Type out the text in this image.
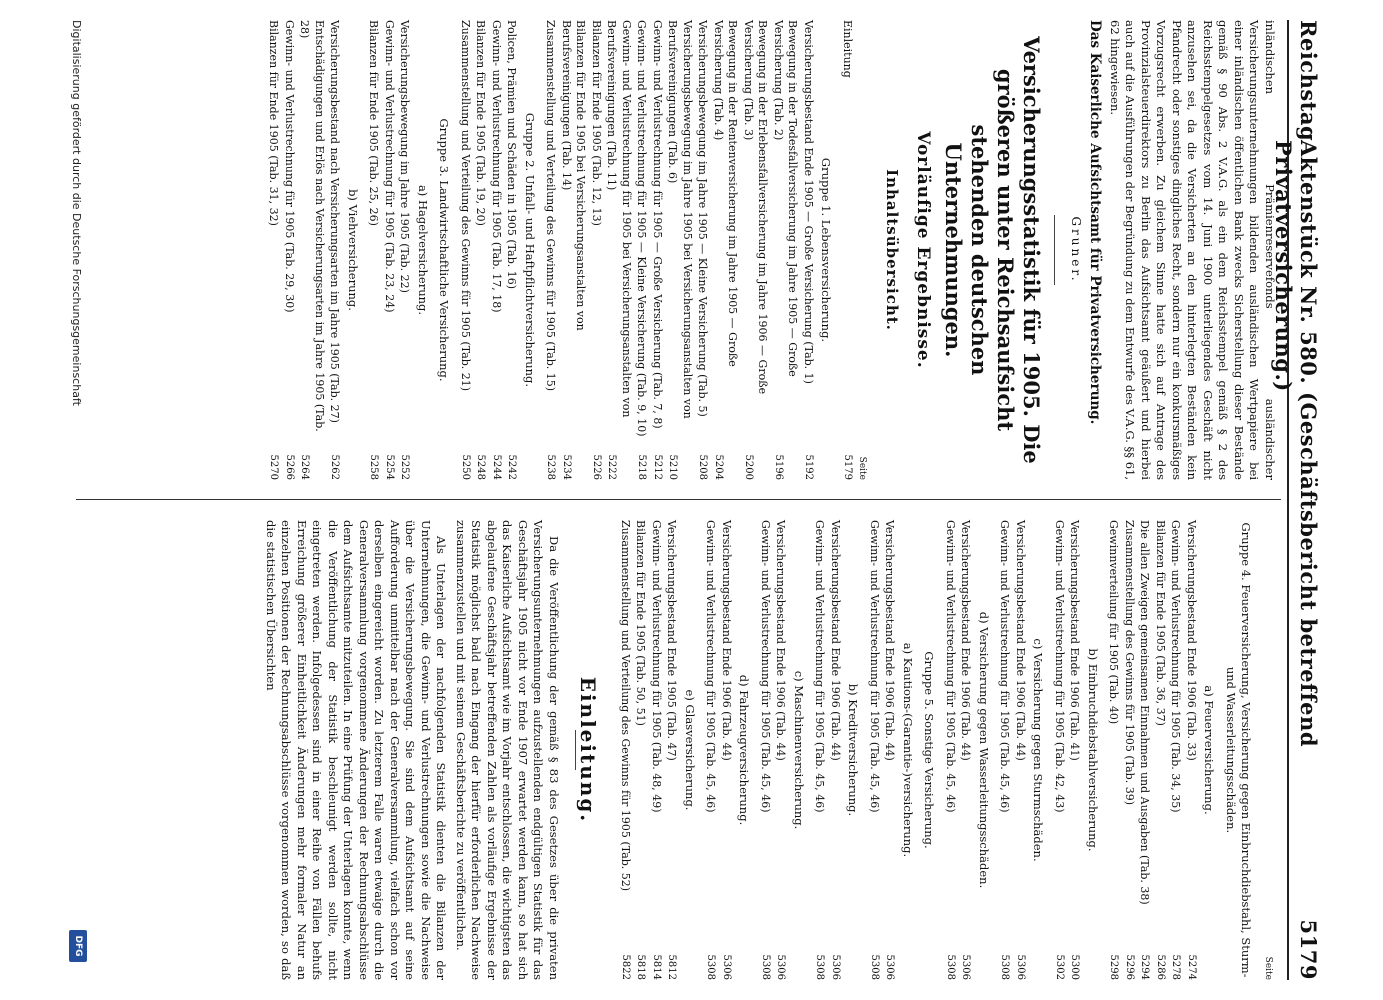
Reichstag
Aktenstück Nr. 580. (Geschäftsbericht betreffend Privatversicherung.)
5179

inländischen Prämienreservefonds ausländischer Versicherungsunternehmungen bildenden ausländischen Wertpapiere bei einer inländischen öffentlichen Bank zwecks Sicherstellung dieser Bestände gemäß § 90 Abs. 2 V.A.G. als ein dem Reichsstempel gemäß § 2 des Reichsstempelgesetzes vom 14. Juni 1900 unterliegendes Geschäft nicht anzusehen sei, da die Versicherten an den hinterlegten Beständen kein Pfandrecht oder sonstiges dingliches Recht, sondern nur ein konkursmäßiges Vorzugsrecht erwerben. Zu gleichem Sinne hatte sich auf Antrage des Provinzialsteuerdirektors zu Berlin das Aufsichtsamt geäußert und hierbei auch auf die Ausführungen der Begründung zu dem Entwurfe des V.A.G. §§ 61, 62 hingewiesen.

Das Kaiserliche Aufsichtsamt für Privatversicherung.
Gruner.
Versicherungsstatistik für 1905. Die größeren unter Reichsaufsicht stehenden deutschen Unternehmungen.
Vorläufige Ergebnisse.
Inhaltsübersicht.
Seite
Einleitung
5179
Gruppe 1. Lebensversicherung.
Versicherungsbestand Ende 1905 — Große Versicherung (Tab. 1)
5192
Bewegung in der Todesfallversicherung im Jahre 1905 — Große Versicherung (Tab. 2)
5196
Bewegung in der Erlebensfallversicherung im Jahre 1906 — Große Versicherung (Tab. 3)
5200
Bewegung in der Rentenversicherung im Jahre 1905 — Große Versicherung (Tab. 4)
5204
Versicherungsbewegung im Jahre 1905 — Kleine Versicherung (Tab. 5)
5208
Versicherungsbewegung im Jahre 1905 bei Versicherungsanstalten von Berufsvereinigungen (Tab. 6)
5210
Gewinn- und Verlustrechnung für 1905 — Große Versicherung (Tab. 7, 8)
5212
Gewinn- und Verlustrechnung für 1905 — Kleine Versicherung (Tab. 9, 10)
5218
Gewinn- und Verlustrechnung für 1905 bei Versicherungsanstalten von Berufsvereinigungen (Tab. 11)
5222
Bilanzen für Ende 1905 (Tab. 12, 13)
5226
Bilanzen für Ende 1905 bei Versicherungsanstalten von Berufsvereinigungen (Tab. 14)
5234
Zusammenstellung und Verteilung des Gewinns für 1905 (Tab. 15)
5238
Gruppe 2. Unfall- und Haftpflichtversicherung.
Policen, Prämien und Schäden in 1905 (Tab. 16)
5242
Gewinn- und Verlustrechnung für 1905 (Tab. 17, 18)
5244
Bilanzen für Ende 1905 (Tab. 19, 20)
5248
Zusammenstellung und Verteilung des Gewinns für 1905 (Tab. 21)
5250
Gruppe 3. Landwirtschaftliche Versicherung.
a) Hagelversicherung.
Versicherungsbewegung im Jahre 1905 (Tab. 22)
5252
Gewinn- und Verlustrechnung für 1905 (Tab. 23, 24)
5254
Bilanzen für Ende 1905 (Tab. 25, 26)
5258
b) Viehversicherung.
Versicherungsbestand nach Versicherungsarten im Jahre 1905 (Tab. 27)
5262
Entschädigungen und Erlös nach Versicherungsarten im Jahre 1905 (Tab. 28)
5264
Gewinn- und Verlustrechnung für 1905 (Tab. 29, 30)
5266
Bilanzen für Ende 1905 (Tab. 31, 32)
5270
Seite
Gruppe 4. Feuerversicherung, Versicherung gegen Einbruchdiebstahl, Sturm- und Wasserleitungsschäden.
a) Feuerversicherung.
Versicherungsbestand Ende 1906 (Tab. 33)
5274
Gewinn- und Verlustrechnung für 1905 (Tab. 34, 35)
5278
Bilanzen für Ende 1905 (Tab. 36, 37)
5286
Die allen Zweigen gemeinsamen Einnahmen und Ausgaben (Tab. 38)
5294
Zusammenstellung des Gewinns für 1905 (Tab. 39)
5296
Gewinnverteilung für 1905 (Tab. 40)
5298
b) Einbruchdiebstahlversicherung.
Versicherungsbestand Ende 1906 (Tab. 41)
5300
Gewinn- und Verlustrechnung für 1905 (Tab. 42, 43)
5302
c) Versicherung gegen Sturmschäden.
Versicherungsbestand Ende 1906 (Tab. 44)
5306
Gewinn- und Verlustrechnung für 1905 (Tab. 45, 46)
5308
d) Versicherung gegen Wasserleitungsschäden.
Versicherungsbestand Ende 1906 (Tab. 44)
5306
Gewinn- und Verlustrechnung für 1905 (Tab. 45, 46)
5308
Gruppe 5. Sonstige Versicherung.
a) Kautions-(Garantie-)versicherung.
Versicherungsbestand Ende 1906 (Tab. 44)
5306
Gewinn- und Verlustrechnung für 1905 (Tab. 45, 46)
5308
b) Kreditversicherung.
Versicherungsbestand Ende 1906 (Tab. 44)
5306
Gewinn- und Verlustrechnung für 1905 (Tab. 45, 46)
5308
c) Maschinenversicherung.
Versicherungsbestand Ende 1906 (Tab. 44)
5306
Gewinn- und Verlustrechnung für 1905 (Tab. 45, 46)
5308
d) Fahrzeugversicherung.
Versicherungsbestand Ende 1906 (Tab. 44)
5306
Gewinn- und Verlustrechnung für 1905 (Tab. 45, 46)
5308
e) Glasversicherung.
Versicherungsbestand Ende 1905 (Tab. 47)
5812
Gewinn- und Verlustrechnung für 1905 (Tab. 48, 49)
5814
Bilanzen für Ende 1905 (Tab. 50, 51)
5818
Zusammenstellung und Verteilung des Gewinns für 1905 (Tab. 52)
5822
Einleitung.

Da die Veröffentlichung der gemäß § 83 des Gesetzes über die privaten Versicherungsunternehmungen aufzustellenden endgültigen Statistik für das Geschäftsjahr 1905 nicht vor Ende 1907 erwartet werden kann, so hat sich das Kaiserliche Aufsichtsamt wie im Vorjahr entschlossen, die wichtigsten das abgelaufene Geschäftsjahr betreffenden Zahlen als vorläufige Ergebnisse der Statistik möglichst bald nach Eingang der hierfür erforderlichen Nachweise zusammenzustellen und mit seinem Geschäftsberichte zu veröffentlichen.

Als Unterlagen der nachfolgenden Statistik dienten die Bilanzen der Unternehmungen, die Gewinn- und Verlustrechnungen sowie die Nachweise über die Versicherungsbewegung. Sie sind dem Aufsichtsamt auf seine Aufforderung unmittelbar nach der Generalversammlung, vielfach schon vor derselben eingereicht worden. Zu letzterem Falle waren etwaige durch die Generalversammlung vorgenommene Änderungen der Rechnungsabschlüsse dem Aufsichtsamte mitzuteilen. In eine Prüfung der Unterlagen konnte, wenn die Veröffentlichung der Statistik beschleunigt werden sollte, nicht eingetreten werden. Infolgedessen sind in einer Reihe von Fällen behufs Erreichung größerer Einheitlichkeit Änderungen mehr formaler Natur an einzelnen Positionen der Rechnungsabschlüsse vorgenommen worden, so daß die statistischen Übersichten

Digitalisierung gefördert durch die Deutsche Forschungsgemeinschaft
DFG
